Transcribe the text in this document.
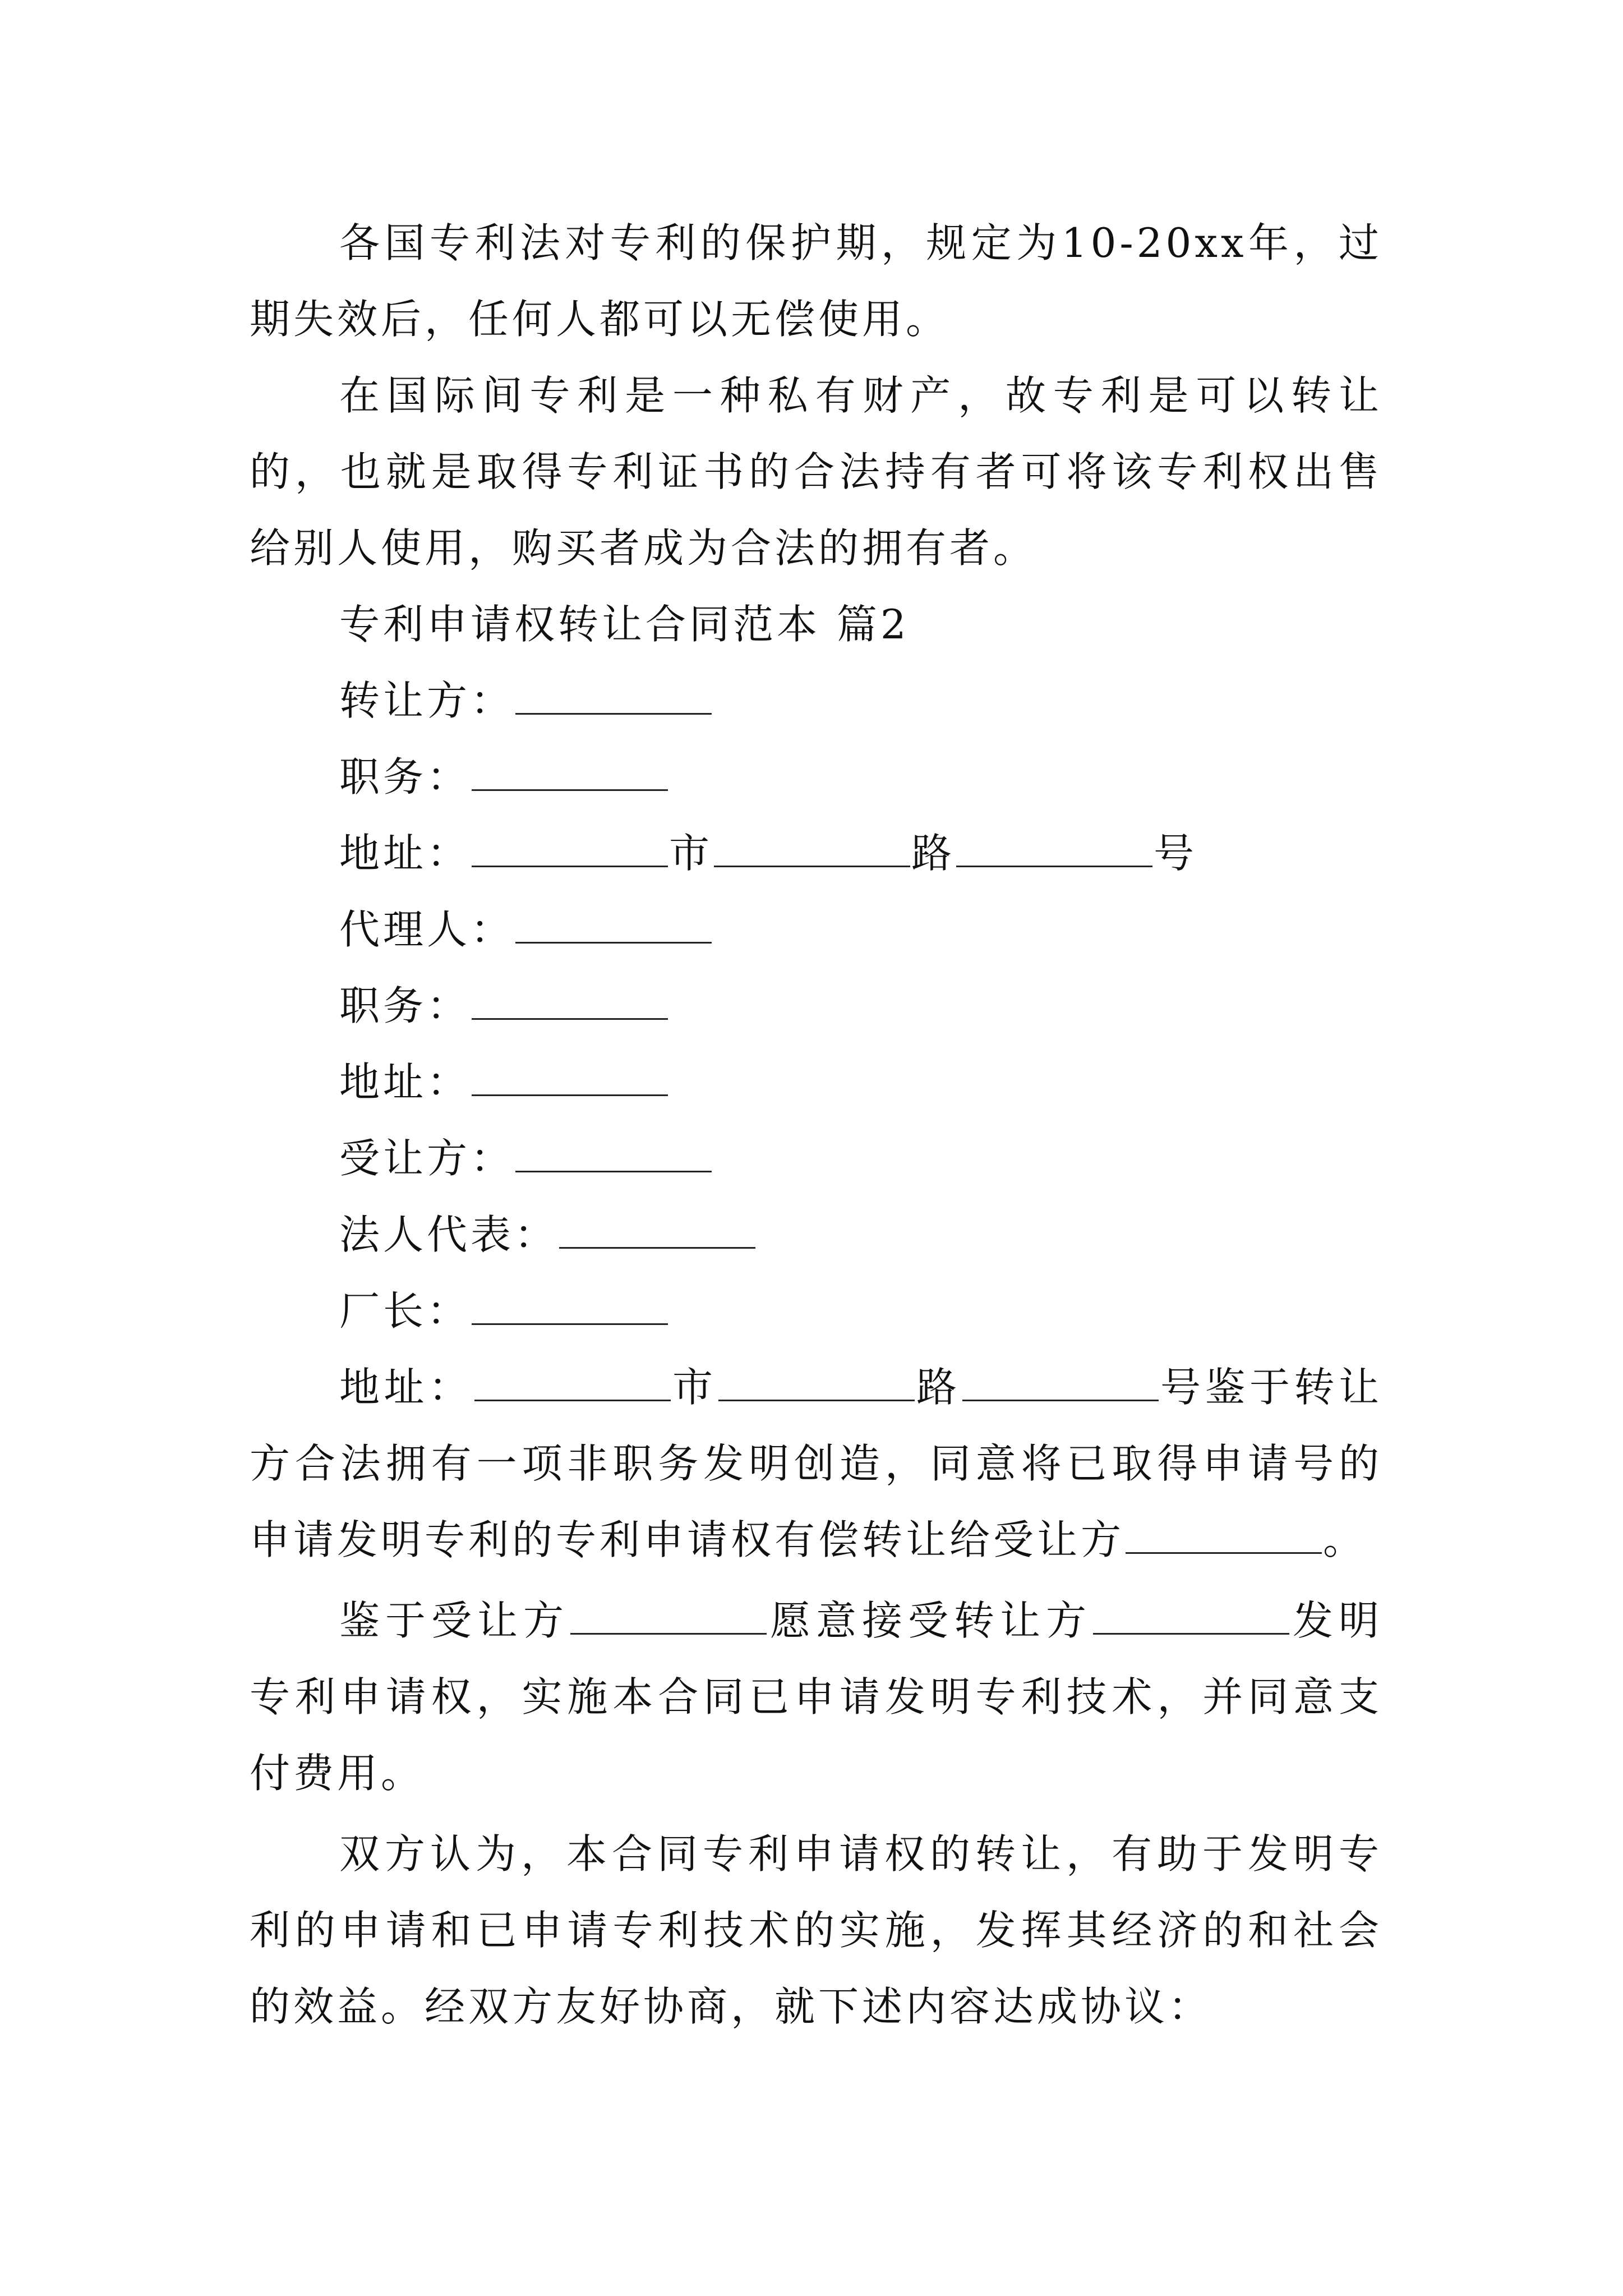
各国专利法对专利的保护期，规定为10-20xx年，过期失效后，任何人都可以无偿使用。
在国际间专利是一种私有财产，故专利是可以转让的，也就是取得专利证书的合法持有者可将该专利权出售给别人使用，购买者成为合法的拥有者。
专利申请权转让合同范本 篇2
转让方：
职务：
地址：	市	路	号
代理人：
职务：
地址：
受让方：
法人代表：
厂长：
地址：	市	路	号鉴于转让方合法拥有一项非职务发明创造，同意将已取得申请号的申请发明专利的专利申请权有偿转让给受让方	。
鉴于受让方	愿意接受转让方	发明专利申请权，实施本合同已申请发明专利技术，并同意支付费用。
双方认为，本合同专利申请权的转让，有助于发明专利的申请和已申请专利技术的实施，发挥其经济的和社会的效益。经双方友好协商，就下述内容达成协议：
